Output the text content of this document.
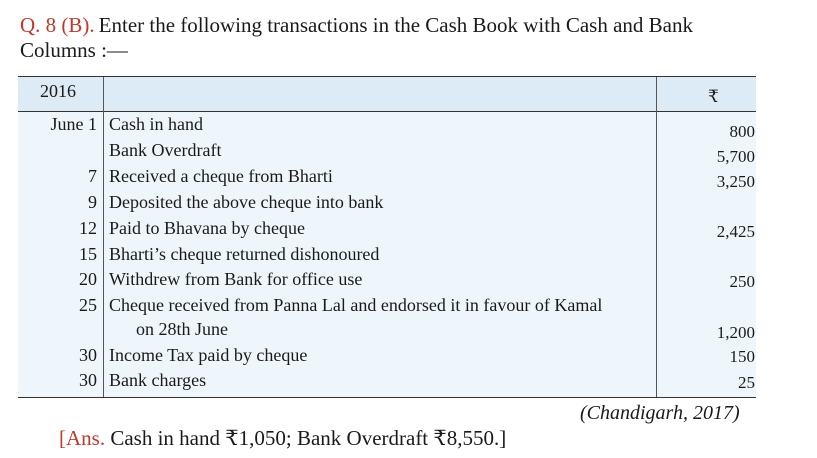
Q. 8 (B). Enter the following transactions in the Cash Book with Cash and Bank
Columns :—
2016	₹
June 1 Cash in hand	800
Bank Overdraft	5,700
7 Received a cheque from Bharti	3,250
9 Deposited the above cheque into bank
12 Paid to Bhavana by cheque	2,425
15 Bharti’s cheque returned dishonoured
20 Withdrew from Bank for office use	250
25 Cheque received from Panna Lal and endorsed it in favour of Kamal
on 28th June	1,200
30 Income Tax paid by cheque	150
30 Bank charges	25
(Chandigarh, 2017)
[Ans. Cash in hand ₹1,050; Bank Overdraft ₹8,550.]
